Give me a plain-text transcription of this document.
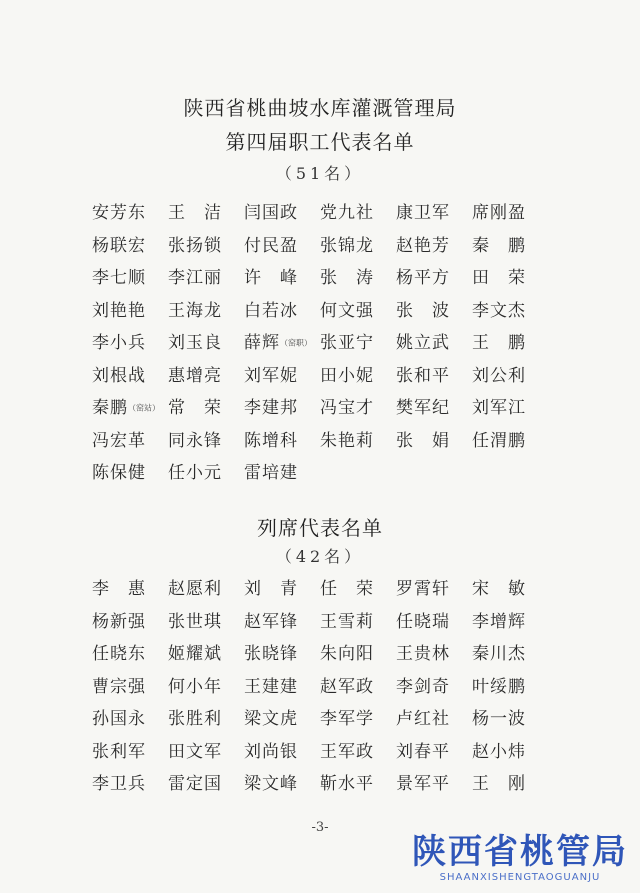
陕西省桃曲坡水库灌溉管理局
第四届职工代表名单
（51名）
安芳东	王　洁	闫国政	党九社	康卫军	席刚盈
杨联宏	张扬锁	付民盈	张锦龙	赵艳芳	秦　鹏
李七顺	李江丽	许　峰	张　涛	杨平方	田　荣
刘艳艳	王海龙	白若冰	何文强	张　波	李文杰
李小兵	刘玉良	薛辉（窑职） 张亚宁	姚立武	王　鹏
刘根战	惠增亮	刘军妮	田小妮	张和平	刘公利
秦鹏（窑站） 常　荣	李建邦	冯宝才	樊军纪	刘军江
冯宏革	同永锋	陈增科	朱艳莉	张　娟	任渭鹏
陈保健	任小元	雷培建
列席代表名单
（42名）
李　惠	赵愿利	刘　青	任　荣	罗霄轩	宋　敏
杨新强	张世琪	赵军锋	王雪莉	任晓瑞	李增辉
任晓东	姬耀斌	张晓锋	朱向阳	王贵林	秦川杰
曹宗强	何小年	王建建	赵军政	李剑奇	叶绥鹏
孙国永	张胜利	梁文虎	李军学	卢红社	杨一波
张利军	田文军	刘尚银	王军政	刘春平	赵小炜
李卫兵	雷定国	梁文峰	靳水平	景军平	王　刚
-3-
陕西省桃管局
SHAANXISHENGTAOGUANJU
